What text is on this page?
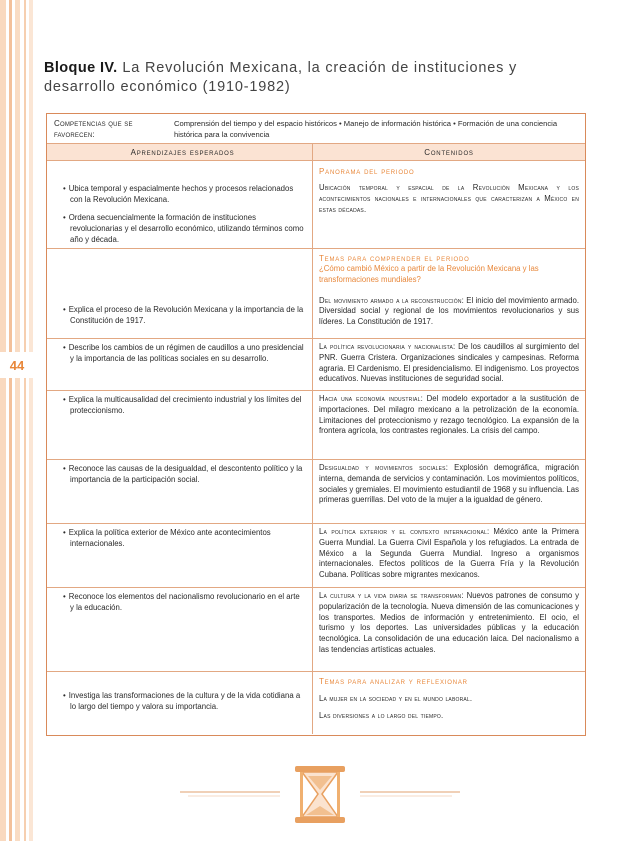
44
Bloque IV. La Revolución Mexicana, la creación de instituciones y desarrollo económico (1910-1982)
Competencias que se favorecen:
Comprensión del tiempo y del espacio históricos • Manejo de información histórica • Formación de una conciencia histórica para la convivencia
Aprendizajes esperados	Contenidos

• Ubica temporal y espacialmente hechos y procesos relacionados con la Revolución Mexicana.

• Ordena secuencialmente la formación de instituciones revolucionarias y el desarrollo económico, utilizando términos como año y década.

Panorama del periodo

Ubicación temporal y espacial de la Revolución Mexicana y los acontecimientos nacionales e internacionales que caracterizan a México en estas décadas.

• Explica el proceso de la Revolución Mexicana y la importancia de la Constitución de 1917.

Temas para comprender el periodo

¿Cómo cambió México a partir de la Revolución Mexicana y las transformaciones mundiales?

Del movimiento armado a la reconstrucción: El inicio del movimiento armado. Diversidad social y regional de los movimientos revolucionarios y sus líderes. La Constitución de 1917.

• Describe los cambios de un régimen de caudillos a uno presidencial y la importancia de las políticas sociales en su desarrollo.

La política revolucionaria y nacionalista: De los caudillos al surgimiento del PNR. Guerra Cristera. Organizaciones sindicales y campesinas. Reforma agraria. El Cardenismo. El presidencialismo. El indigenismo. Los proyectos educativos. Nuevas instituciones de seguridad social.

• Explica la multicausalidad del crecimiento industrial y los límites del proteccionismo.

Hacia una economía industrial: Del modelo exportador a la sustitución de importaciones. Del milagro mexicano a la petrolización de la economía. Limitaciones del proteccionismo y rezago tecnológico. La expansión de la frontera agrícola, los contrastes regionales. La crisis del campo.

• Reconoce las causas de la desigualdad, el descontento político y la importancia de la participación social.

Desigualdad y movimientos sociales: Explosión demográfica, migración interna, demanda de servicios y contaminación. Los movimientos políticos, sociales y gremiales. El movimiento estudiantil de 1968 y su influencia. Las primeras guerrillas. Del voto de la mujer a la igualdad de género.

• Explica la política exterior de México ante acontecimientos internacionales.

La política exterior y el contexto internacional: México ante la Primera Guerra Mundial. La Guerra Civil Española y los refugiados. La entrada de México a la Segunda Guerra Mundial. Ingreso a organismos internacionales. Efectos políticos de la Guerra Fría y la Revolución Cubana. Políticas sobre migrantes mexicanos.

• Reconoce los elementos del nacionalismo revolucionario en el arte y la educación.

La cultura y la vida diaria se transforman: Nuevos patrones de consumo y popularización de la tecnología. Nueva dimensión de las comunicaciones y los transportes. Medios de información y entretenimiento. El ocio, el turismo y los deportes. Las universidades públicas y la educación tecnológica. La consolidación de una educación laica. Del nacionalismo a las tendencias artísticas actuales.

• Investiga las transformaciones de la cultura y de la vida cotidiana a lo largo del tiempo y valora su importancia.

Temas para analizar y reflexionar

La mujer en la sociedad y en el mundo laboral.

Las diversiones a lo largo del tiempo.
